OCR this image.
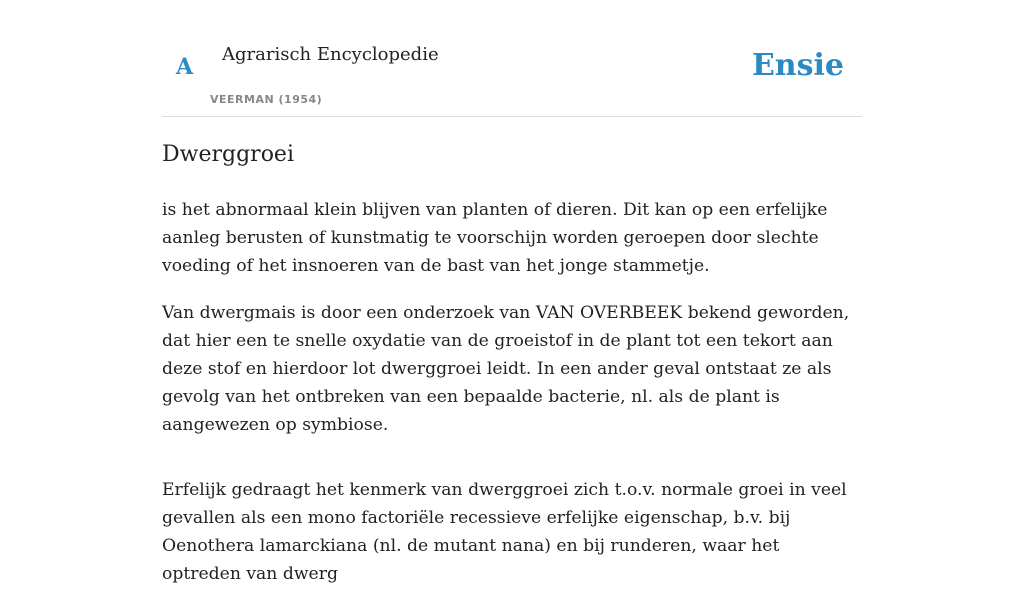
A Agrarisch Encyclopedie
VEERMAN (1954)
Ensie
Dwerggroei

is het abnormaal klein blijven van planten of dieren. Dit kan op een erfelijke aanleg berusten of kunstmatig te voorschijn worden geroepen door slechte voeding of het insnoeren van de bast van het jonge stammetje.

Van dwergmais is door een onderzoek van VAN OVERBEEK bekend geworden, dat hier een te snelle oxydatie van de groeistof in de plant tot een tekort aan deze stof en hierdoor lot dwerggroei leidt. In een ander geval ontstaat ze als gevolg van het ontbreken van een bepaalde bacterie, nl. als de plant is aangewezen op symbiose.

Erfelijk gedraagt het kenmerk van dwerggroei zich t.o.v. normale groei in veel gevallen als een mono factoriële recessieve erfelijke eigenschap, b.v. bij Oenothera lamarckiana (nl. de mutant nana) en bij runderen, waar het optreden van dwerg
